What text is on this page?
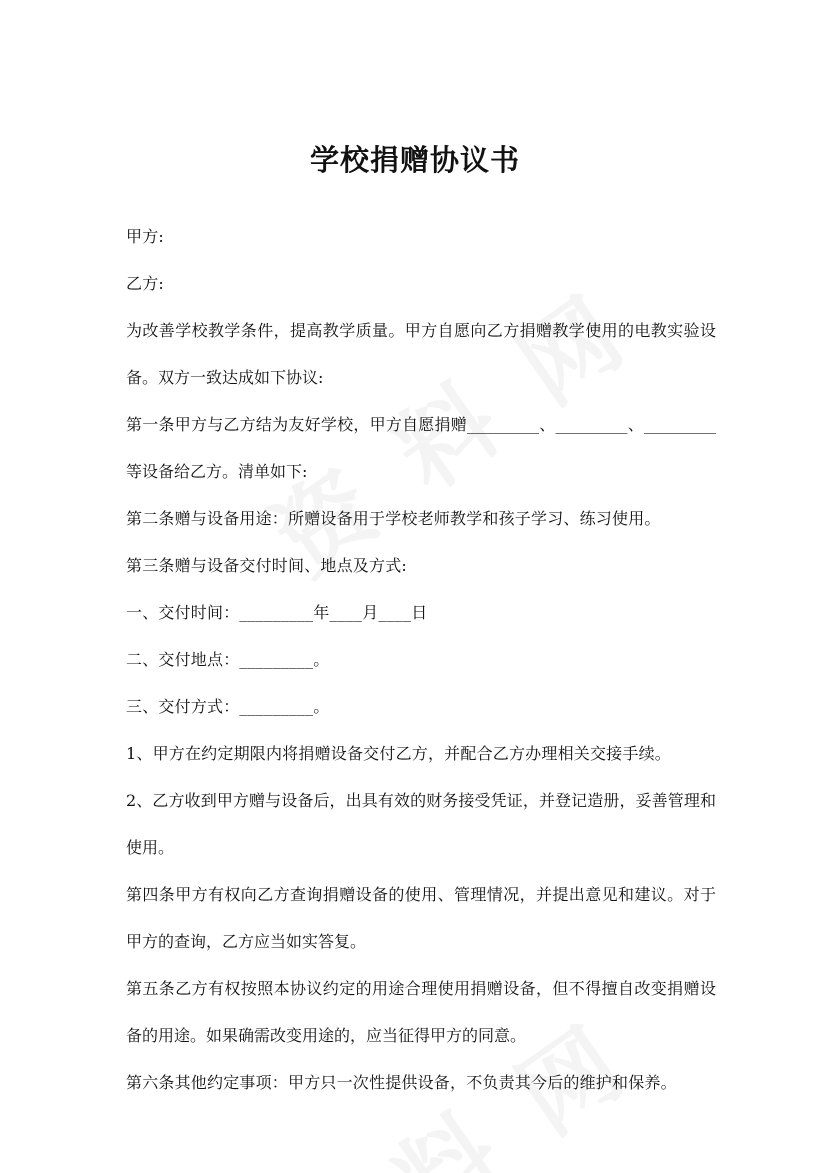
学校捐赠协议书
甲方:
乙方:

为改善学校教学条件，提高教学质量。甲方自愿向乙方捐赠教学使用的电教实验设备。双方一致达成如下协议:

第一条甲方与乙方结为友好学校，甲方自愿捐赠_________、_________、_________等设备给乙方。清单如下:

第二条赠与设备用途：所赠设备用于学校老师教学和孩子学习、练习使用。
第三条赠与设备交付时间、地点及方式:
一、交付时间：_________年____月____日
二、交付地点：_________。
三、交付方式：_________。
1、甲方在约定期限内将捐赠设备交付乙方，并配合乙方办理相关交接手续。

2、乙方收到甲方赠与设备后，出具有效的财务接受凭证，并登记造册，妥善管理和使用。

第四条甲方有权向乙方查询捐赠设备的使用、管理情况，并提出意见和建议。对于甲方的查询，乙方应当如实答复。

第五条乙方有权按照本协议约定的用途合理使用捐赠设备，但不得擅自改变捐赠设备的用途。如果确需改变用途的，应当征得甲方的同意。

第六条其他约定事项：甲方只一次性提供设备，不负责其今后的维护和保养。
